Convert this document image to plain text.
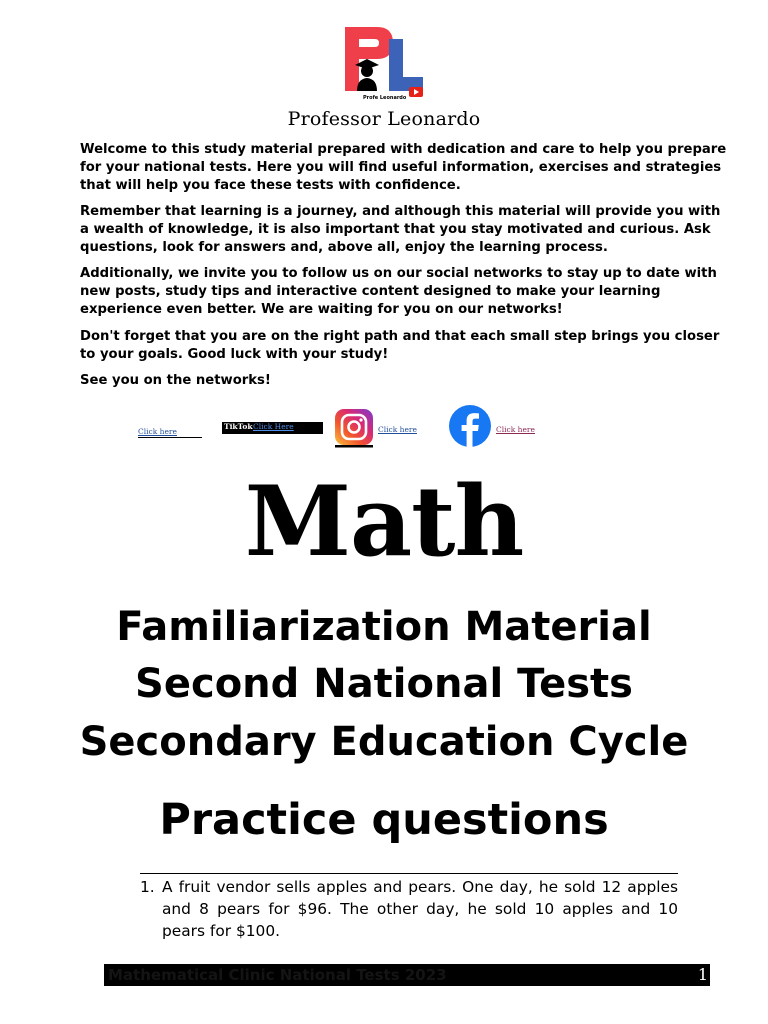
Profe Leonardo
Professor Leonardo

Welcome to this study material prepared with dedication and care to help you prepare for your national tests. Here you will find useful information, exercises and strategies that will help you face these tests with confidence.

Remember that learning is a journey, and although this material will provide you with a wealth of knowledge, it is also important that you stay motivated and curious. Ask questions, look for answers and, above all, enjoy the learning process.

Additionally, we invite you to follow us on our social networks to stay up to date with new posts, study tips and interactive content designed to make your learning experience even better. We are waiting for you on our networks!

Don't forget that you are on the right path and that each small step brings you closer to your goals. Good luck with your study!

See you on the networks!

Click here
TikTok Click Here	Click here	Click here
Math
Familiarization Material
Second National Tests
Secondary Education Cycle
Practice questions
1. A fruit vendor sells apples and pears. One day, he sold 12 apples and 8 pears for $96. The other day, he sold 10 apples and 10 pears for $100.

Mathematical Clinic National Tests 2023	1
